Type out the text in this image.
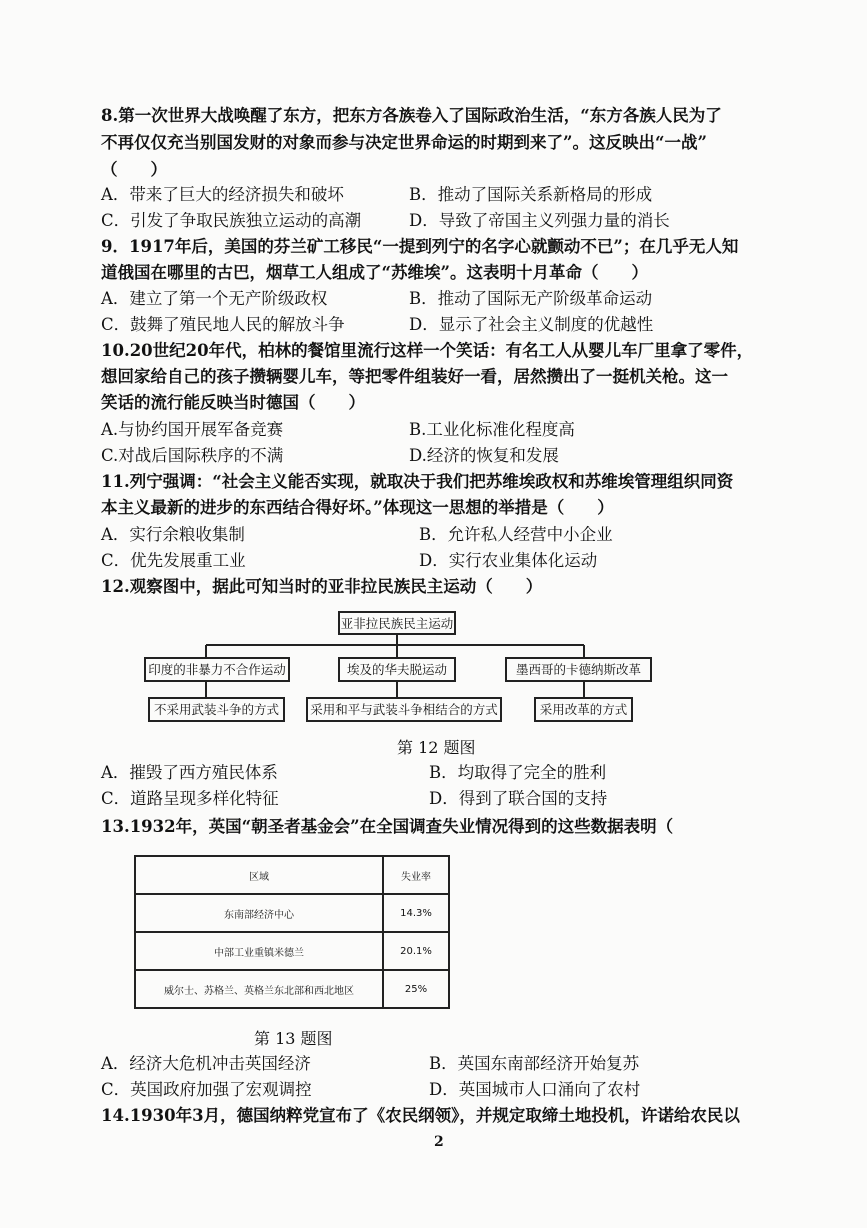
8.第一次世界大战唤醒了东方，把东方各族卷入了国际政治生活，“东方各族人民为了
不再仅仅充当别国发财的对象而参与决定世界命运的时期到来了”。这反映出“一战”
（　　）
A．带来了巨大的经济损失和破坏	B．推动了国际关系新格局的形成
C．引发了争取民族独立运动的高潮	D．导致了帝国主义列强力量的消长
9．1917年后，美国的芬兰矿工移民“一提到列宁的名字心就颤动不已”；在几乎无人知
道俄国在哪里的古巴，烟草工人组成了“苏维埃”。这表明十月革命（　　）
A．建立了第一个无产阶级政权	B．推动了国际无产阶级革命运动
C．鼓舞了殖民地人民的解放斗争	D．显示了社会主义制度的优越性
10.20世纪20年代，柏林的餐馆里流行这样一个笑话：有名工人从婴儿车厂里拿了零件，
想回家给自己的孩子攒辆婴儿车，等把零件组装好一看，居然攒出了一挺机关枪。这一
笑话的流行能反映当时德国（　　）
A.与协约国开展军备竞赛	B.工业化标准化程度高
C.对战后国际秩序的不满	D.经济的恢复和发展
11.列宁强调：“社会主义能否实现，就取决于我们把苏维埃政权和苏维埃管理组织同资
本主义最新的进步的东西结合得好坏。”体现这一思想的举措是（　　）
A．实行余粮收集制	B．允许私人经营中小企业
C．优先发展重工业	D．实行农业集体化运动
12.观察图中，据此可知当时的亚非拉民族民主运动（　　）
亚非拉民族民主运动
印度的非暴力不合作运动	埃及的华夫脱运动	墨西哥的卡德纳斯改革
不采用武装斗争的方式	采用和平与武装斗争相结合的方式	采用改革的方式
第 12 题图
A．摧毁了西方殖民体系	B．均取得了完全的胜利
C．道路呈现多样化特征	D．得到了联合国的支持
13.1932年，英国“朝圣者基金会”在全国调查失业情况得到的这些数据表明（
区域	失业率
东南部经济中心	14.3%
中部工业重镇米德兰	20.1%
威尔士、苏格兰、英格兰东北部和西北地区	25%
第 13 题图
A．经济大危机冲击英国经济	B．英国东南部经济开始复苏
C．英国政府加强了宏观调控	D．英国城市人口涌向了农村
14.1930年3月，德国纳粹党宣布了《农民纲领》，并规定取缔土地投机，许诺给农民以
2
